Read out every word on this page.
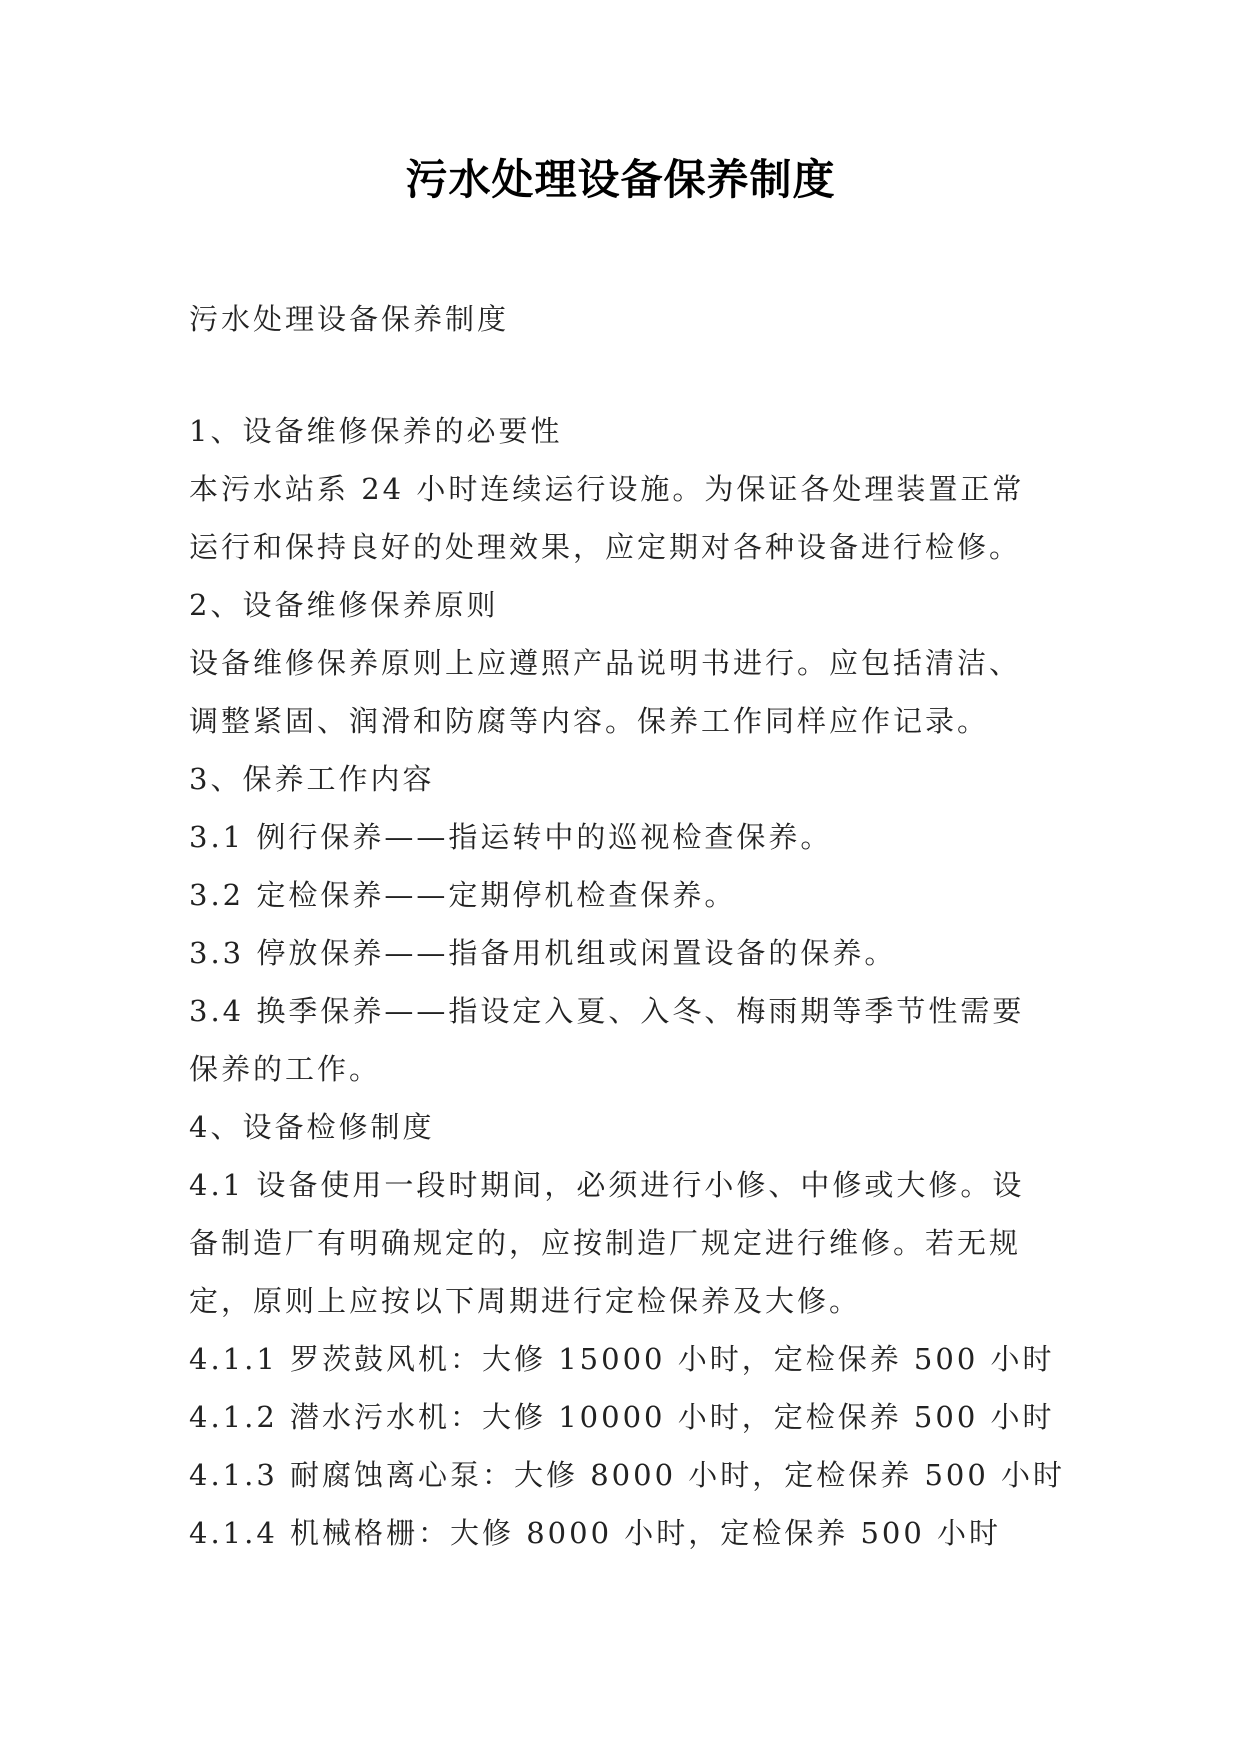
污水处理设备保养制度
污水处理设备保养制度
1、设备维修保养的必要性
本污水站系 24 小时连续运行设施。为保证各处理装置正常
运行和保持良好的处理效果，应定期对各种设备进行检修。
2、设备维修保养原则
设备维修保养原则上应遵照产品说明书进行。应包括清洁、
调整紧固、润滑和防腐等内容。保养工作同样应作记录。
3、保养工作内容
3.1 例行保养——指运转中的巡视检查保养。
3.2 定检保养——定期停机检查保养。
3.3 停放保养——指备用机组或闲置设备的保养。
3.4 换季保养——指设定入夏、入冬、梅雨期等季节性需要
保养的工作。
4、设备检修制度
4.1 设备使用一段时期间，必须进行小修、中修或大修。设
备制造厂有明确规定的，应按制造厂规定进行维修。若无规
定，原则上应按以下周期进行定检保养及大修。
4.1.1 罗茨鼓风机：大修 15000 小时，定检保养 500 小时
4.1.2 潜水污水机：大修 10000 小时，定检保养 500 小时
4.1.3 耐腐蚀离心泵：大修 8000 小时，定检保养 500 小时
4.1.4 机械格栅：大修 8000 小时，定检保养 500 小时
